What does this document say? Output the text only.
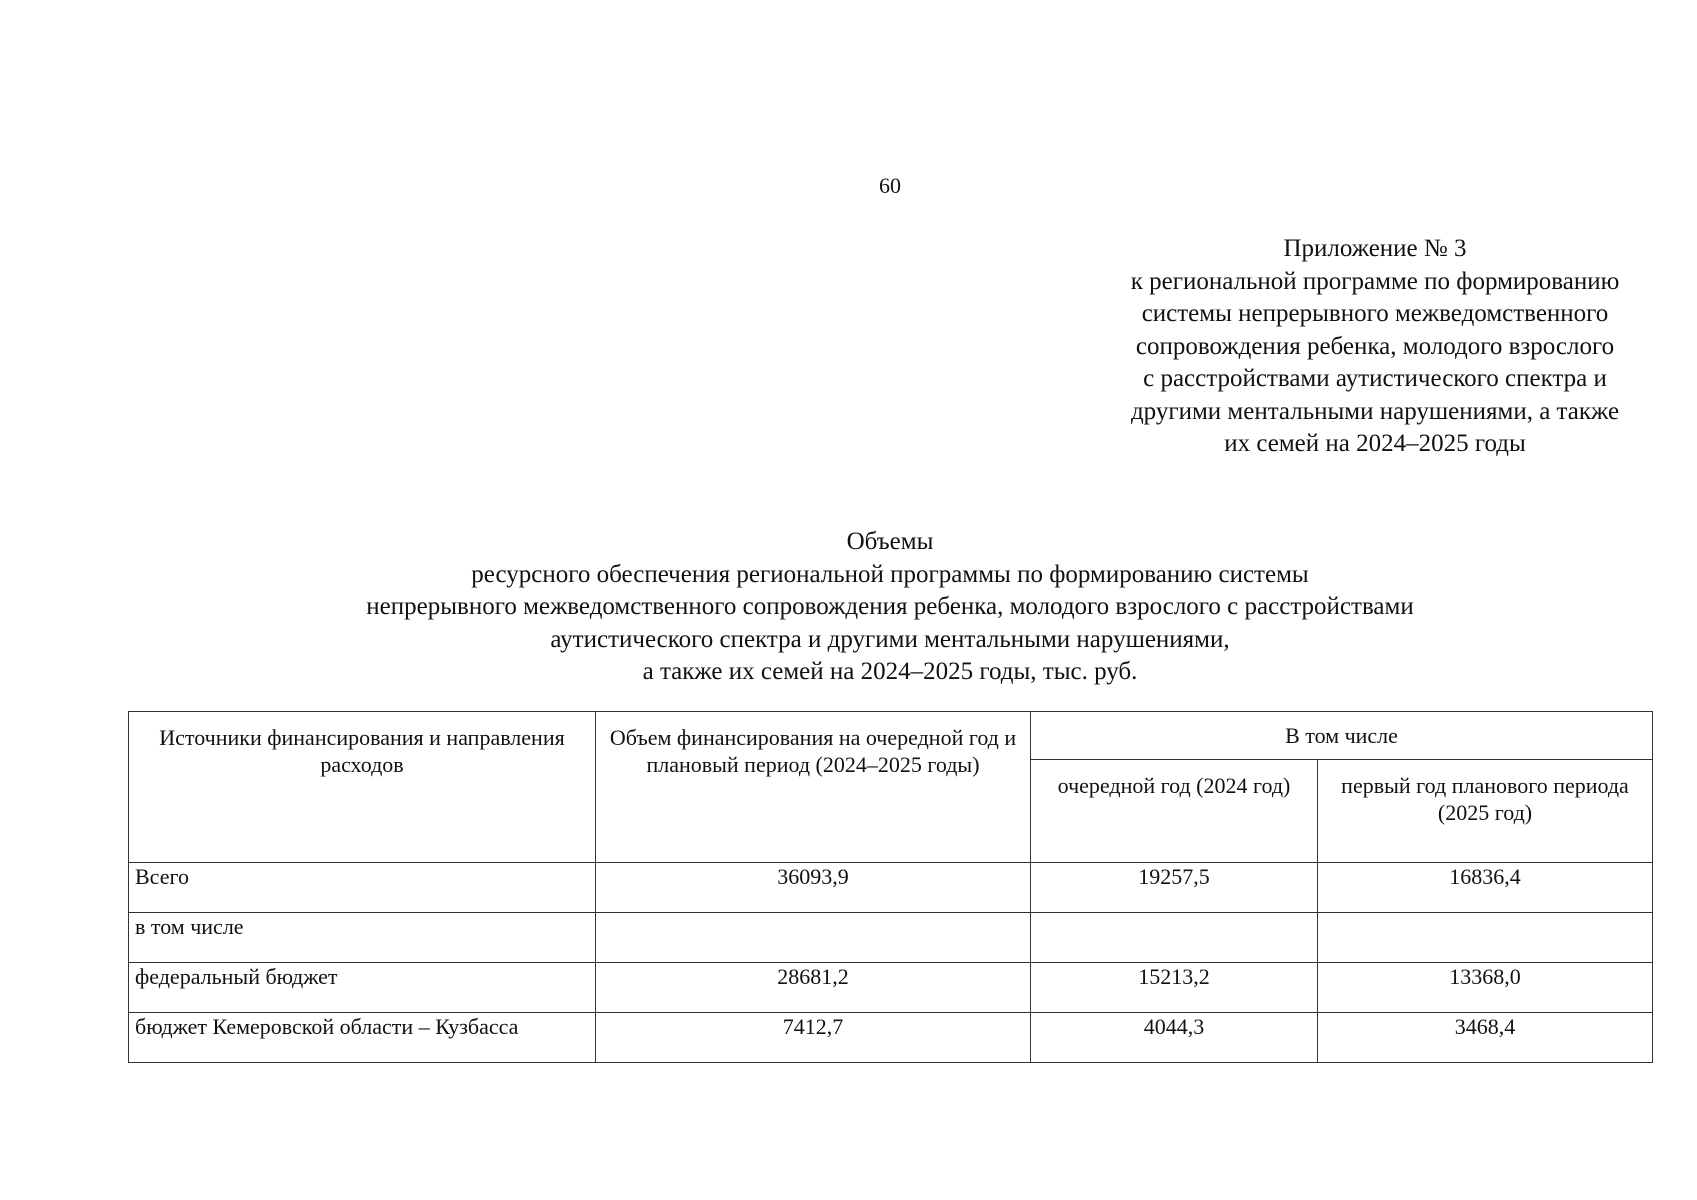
60
Приложение № 3
к региональной программе по формированию
системы непрерывного межведомственного
сопровождения ребенка, молодого взрослого
с расстройствами аутистического спектра и
другими ментальными нарушениями, а также
их семей на 2024–2025 годы
Объемы
ресурсного обеспечения региональной программы по формированию системы
непрерывного межведомственного сопровождения ребенка, молодого взрослого с расстройствами
аутистического спектра и другими ментальными нарушениями,
а также их семей на 2024–2025 годы, тыс. руб.
Источники финансирования и направления расходов	Объем финансирования на очередной год и плановый период (2024–2025 годы)	В том числе	
		очередной год (2024 год)	первый год планового периода (2025 год)
Всего	36093,9	19257,5	16836,4
в том числе			
федеральный бюджет	28681,2	15213,2	13368,0
бюджет Кемеровской области – Кузбасса	7412,7	4044,3	3468,4
